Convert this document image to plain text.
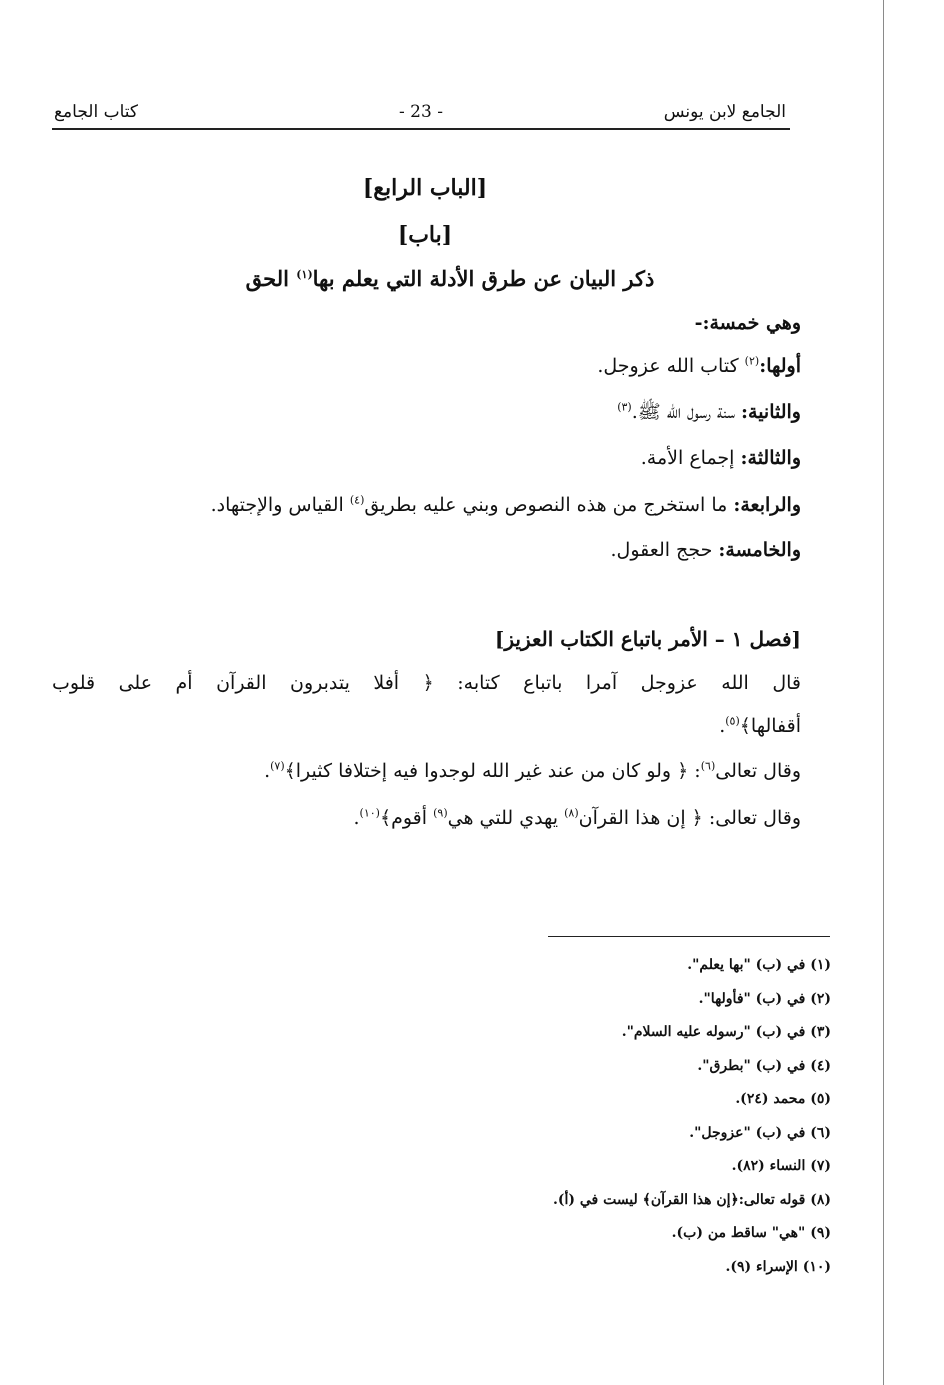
الجامع لابن يونس
- 23 -
كتاب الجامع
[الباب الرابع]
[باب]
ذكر البيان عن طرق الأدلة التي يعلم بها$^{(١)}$ الحق
وهي خمسة:-
أولها:$^{(٢)}$ كتاب الله عزوجل.
والثانية: سنة رسول الله ﷺ.$^{(٣)}$
والثالثة: إجماع الأمة.
والرابعة: ما استخرج من هذه النصوص وبني عليه بطريق$^{(٤)}$ القياس والإجتهاد.
والخامسة: حجج العقول.
[فصل ١ – الأمر باتباع الكتاب العزيز]
قال الله عزوجل آمرا باتباع كتابه: ﴿ أفلا يتدبرون القرآن أم على قلوب
أقفالها﴾$^{(٥)}$.
وقال تعالى$^{(٦)}$: ﴿ ولو كان من عند غير الله لوجدوا فيه إختلافا كثيرا﴾$^{(٧)}$.
وقال تعالى: ﴿ إن هذا القرآن$^{(٨)}$ يهدي للتي هي$^{(٩)}$ أقوم﴾$^{(١٠)}$.
(١) في (ب) "بها يعلم".
(٢) في (ب) "فأولها".
(٣) في (ب) "رسوله عليه السلام".
(٤) في (ب) "بطرق".
(٥) محمد (٢٤).
(٦) في (ب) "عزوجل".
(٧) النساء (٨٢).
(٨) قوله تعالى:﴿إن هذا القرآن﴾ ليست في (أ).
(٩) "هي" ساقط من (ب).
(١٠) الإسراء (٩).
